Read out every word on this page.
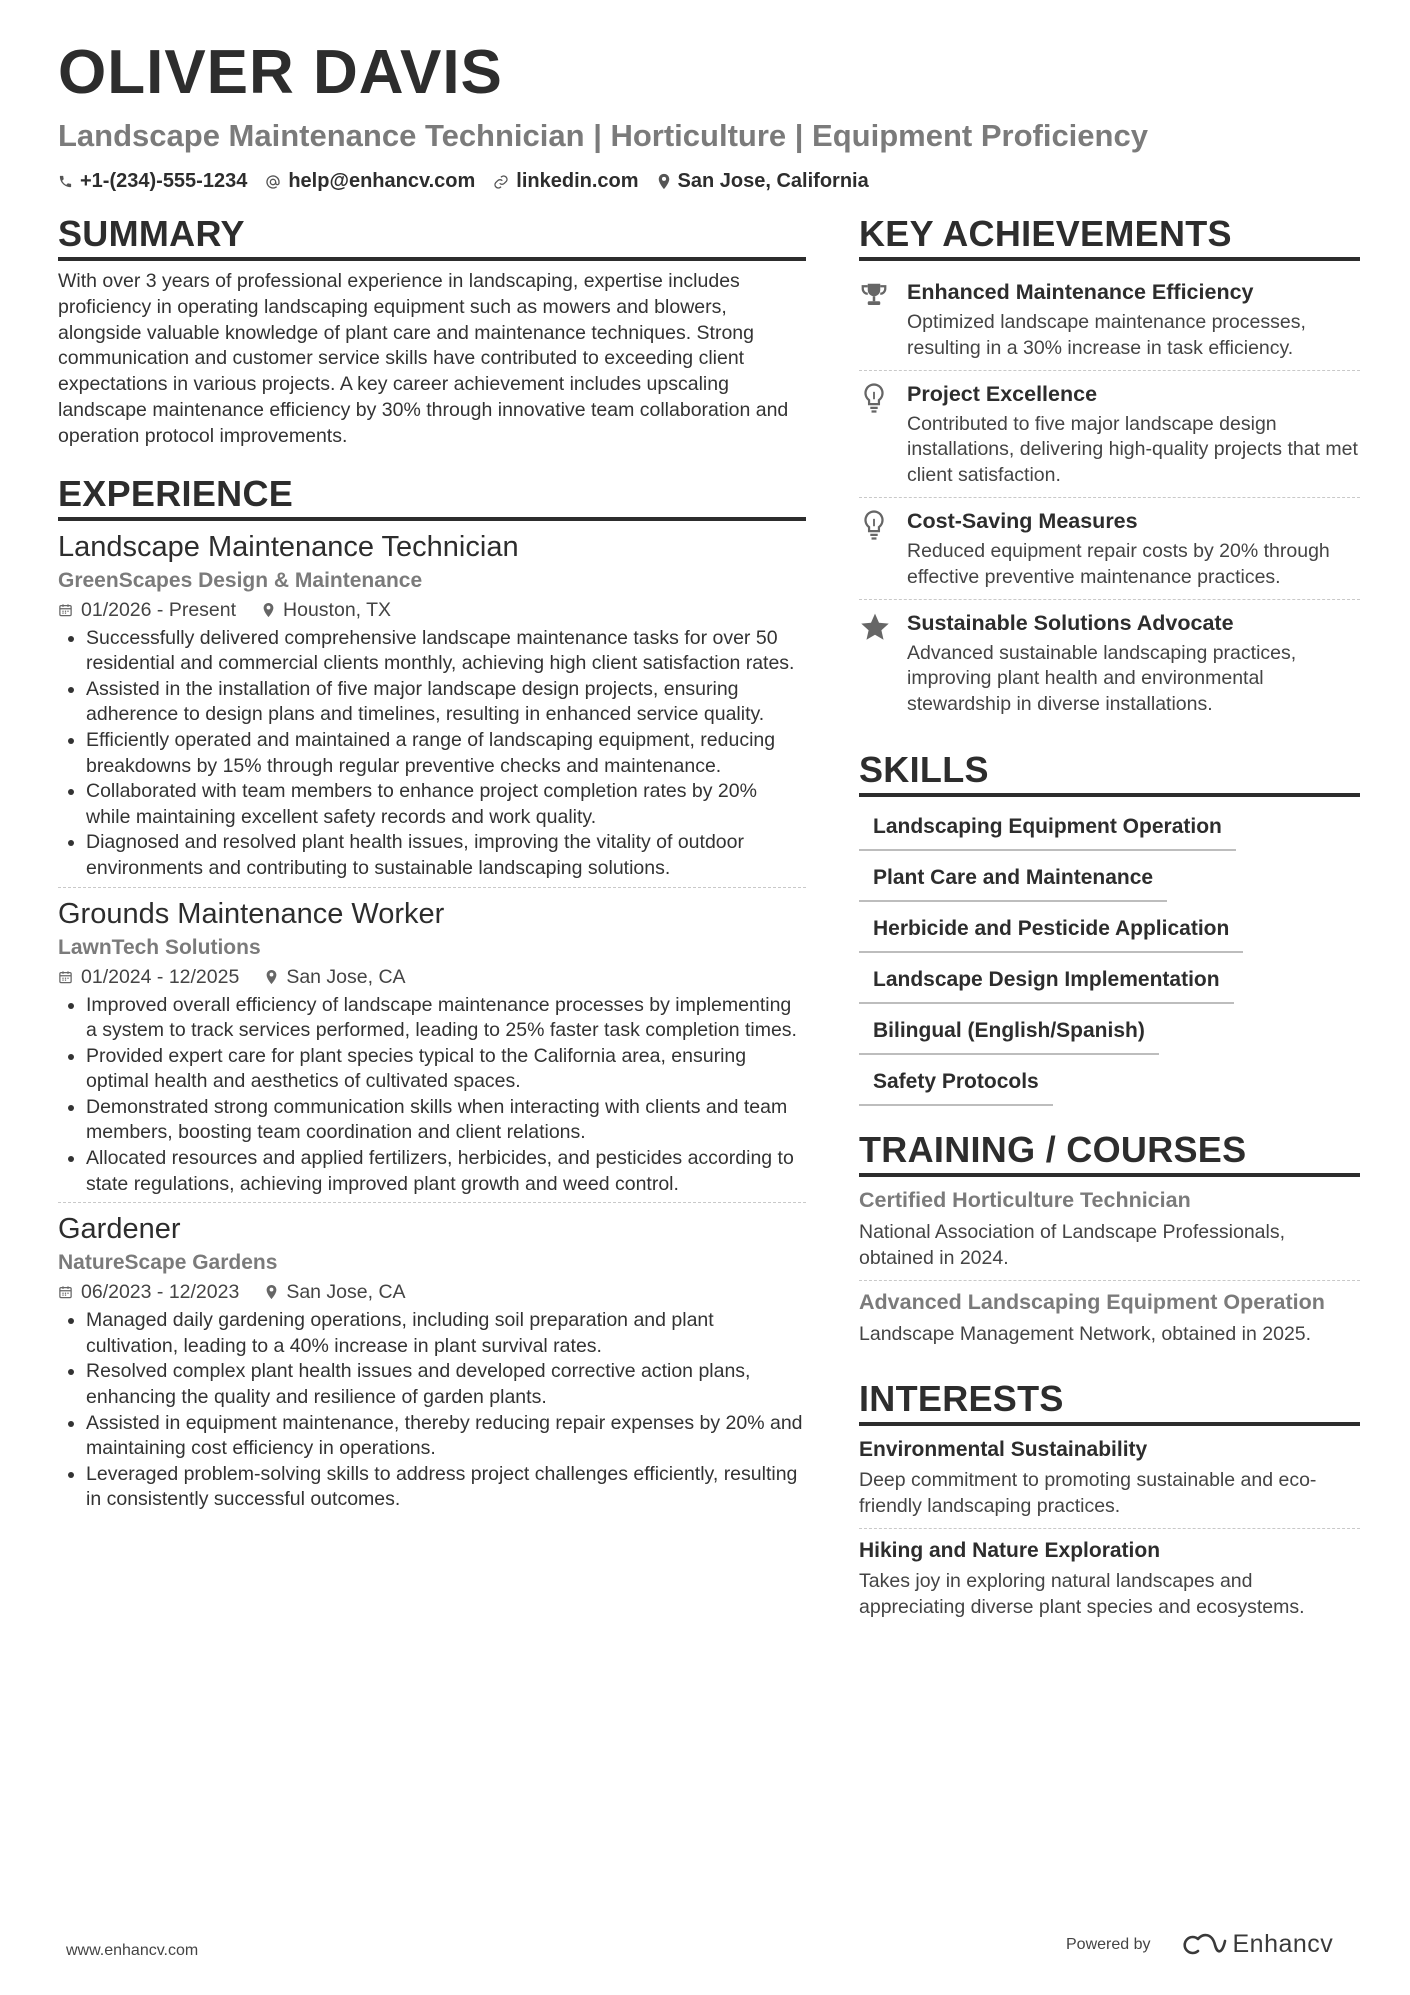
OLIVER DAVIS
Landscape Maintenance Technician | Horticulture | Equipment Proficiency
+1-(234)-555-1234 help@enhancv.com linkedin.com San Jose, California
SUMMARY
With over 3 years of professional experience in landscaping, expertise includes proficiency in operating landscaping equipment such as mowers and blowers, alongside valuable knowledge of plant care and maintenance techniques. Strong communication and customer service skills have contributed to exceeding client expectations in various projects. A key career achievement includes upscaling landscape maintenance efficiency by 30% through innovative team collaboration and operation protocol improvements.
EXPERIENCE
Landscape Maintenance Technician
GreenScapes Design & Maintenance
01/2026 - Present Houston, TX
Successfully delivered comprehensive landscape maintenance tasks for over 50 residential and commercial clients monthly, achieving high client satisfaction rates.
Assisted in the installation of five major landscape design projects, ensuring adherence to design plans and timelines, resulting in enhanced service quality.
Efficiently operated and maintained a range of landscaping equipment, reducing breakdowns by 15% through regular preventive checks and maintenance.
Collaborated with team members to enhance project completion rates by 20% while maintaining excellent safety records and work quality.
Diagnosed and resolved plant health issues, improving the vitality of outdoor environments and contributing to sustainable landscaping solutions.
Grounds Maintenance Worker
LawnTech Solutions
01/2024 - 12/2025 San Jose, CA
Improved overall efficiency of landscape maintenance processes by implementing a system to track services performed, leading to 25% faster task completion times.
Provided expert care for plant species typical to the California area, ensuring optimal health and aesthetics of cultivated spaces.
Demonstrated strong communication skills when interacting with clients and team members, boosting team coordination and client relations.
Allocated resources and applied fertilizers, herbicides, and pesticides according to state regulations, achieving improved plant growth and weed control.
Gardener
NatureScape Gardens
06/2023 - 12/2023 San Jose, CA
Managed daily gardening operations, including soil preparation and plant cultivation, leading to a 40% increase in plant survival rates.
Resolved complex plant health issues and developed corrective action plans, enhancing the quality and resilience of garden plants.
Assisted in equipment maintenance, thereby reducing repair expenses by 20% and maintaining cost efficiency in operations.
Leveraged problem-solving skills to address project challenges efficiently, resulting in consistently successful outcomes.
KEY ACHIEVEMENTS
Enhanced Maintenance Efficiency
Optimized landscape maintenance processes, resulting in a 30% increase in task efficiency.
Project Excellence
Contributed to five major landscape design installations, delivering high-quality projects that met client satisfaction.
Cost-Saving Measures
Reduced equipment repair costs by 20% through effective preventive maintenance practices.
Sustainable Solutions Advocate
Advanced sustainable landscaping practices, improving plant health and environmental stewardship in diverse installations.
SKILLS
Landscaping Equipment Operation
Plant Care and Maintenance
Herbicide and Pesticide Application
Landscape Design Implementation
Bilingual (English/Spanish)
Safety Protocols
TRAINING / COURSES
Certified Horticulture Technician
National Association of Landscape Professionals, obtained in 2024.
Advanced Landscaping Equipment Operation
Landscape Management Network, obtained in 2025.
INTERESTS
Environmental Sustainability
Deep commitment to promoting sustainable and eco-friendly landscaping practices.
Hiking and Nature Exploration
Takes joy in exploring natural landscapes and appreciating diverse plant species and ecosystems.
www.enhancv.com	Powered by	Enhancv
